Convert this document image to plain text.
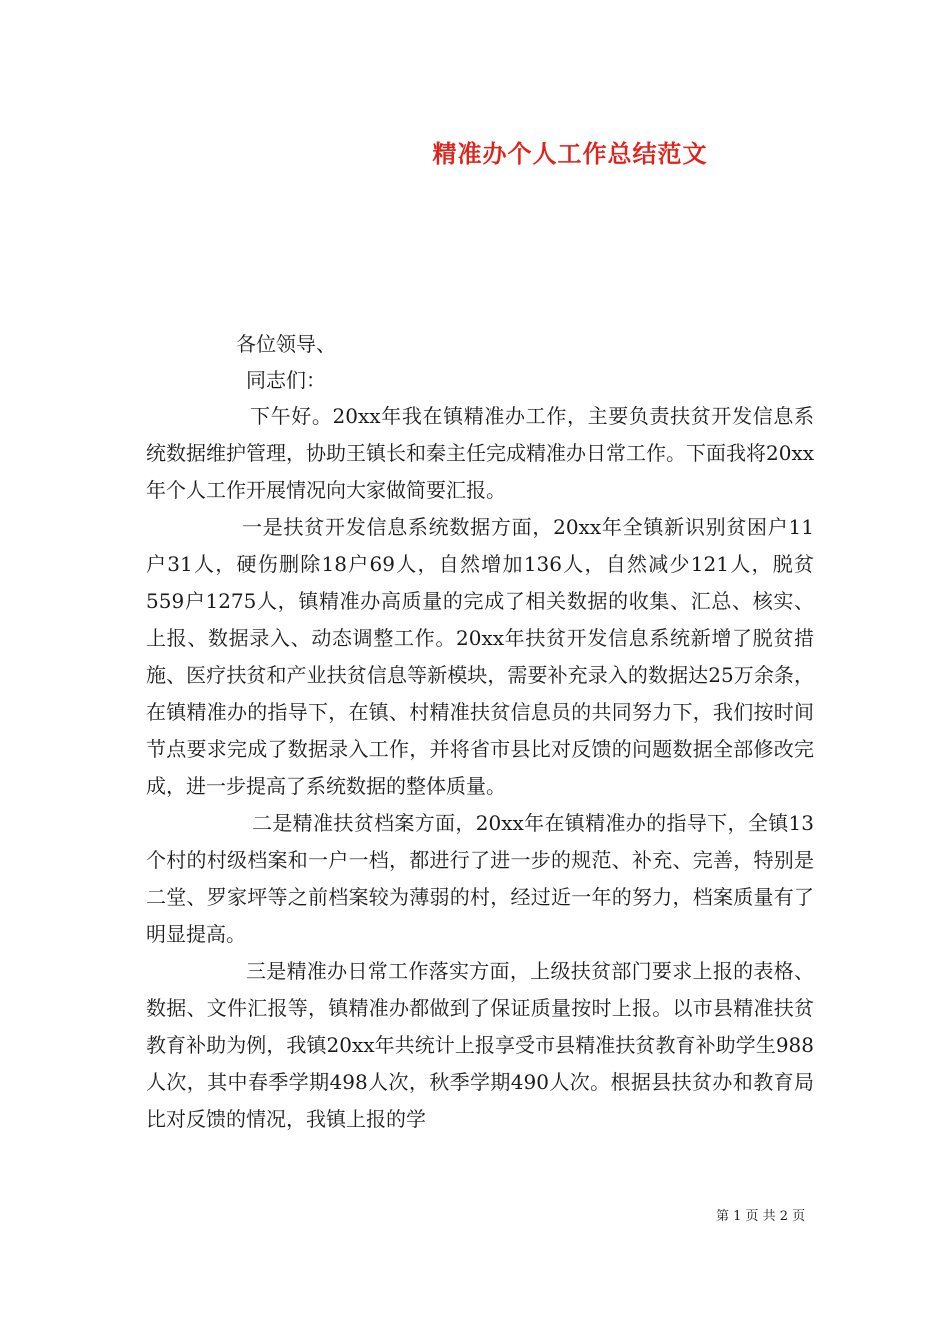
精准办个人工作总结范文
各位领导、
同志们：

下午好。20xx年我在镇精准办工作，主要负责扶贫开发信息系统数据维护管理，协助王镇长和秦主任完成精准办日常工作。下面我将20xx年个人工作开展情况向大家做简要汇报。

一是扶贫开发信息系统数据方面，20xx年全镇新识别贫困户11户31人，硬伤删除18户69人，自然增加136人，自然减少121人，脱贫559户1275人，镇精准办高质量的完成了相关数据的收集、汇总、核实、上报、数据录入、动态调整工作。20xx年扶贫开发信息系统新增了脱贫措施、医疗扶贫和产业扶贫信息等新模块，需要补充录入的数据达25万余条，在镇精准办的指导下，在镇、村精准扶贫信息员的共同努力下，我们按时间节点要求完成了数据录入工作，并将省市县比对反馈的问题数据全部修改完成，进一步提高了系统数据的整体质量。

二是精准扶贫档案方面，20xx年在镇精准办的指导下，全镇13个村的村级档案和一户一档，都进行了进一步的规范、补充、完善，特别是二堂、罗家坪等之前档案较为薄弱的村，经过近一年的努力，档案质量有了明显提高。

三是精准办日常工作落实方面，上级扶贫部门要求上报的表格、数据、文件汇报等，镇精准办都做到了保证质量按时上报。以市县精准扶贫教育补助为例，我镇20xx年共统计上报享受市县精准扶贫教育补助学生988人次，其中春季学期498人次，秋季学期490人次。根据县扶贫办和教育局比对反馈的情况，我镇上报的学

第 1 页 共 2 页
